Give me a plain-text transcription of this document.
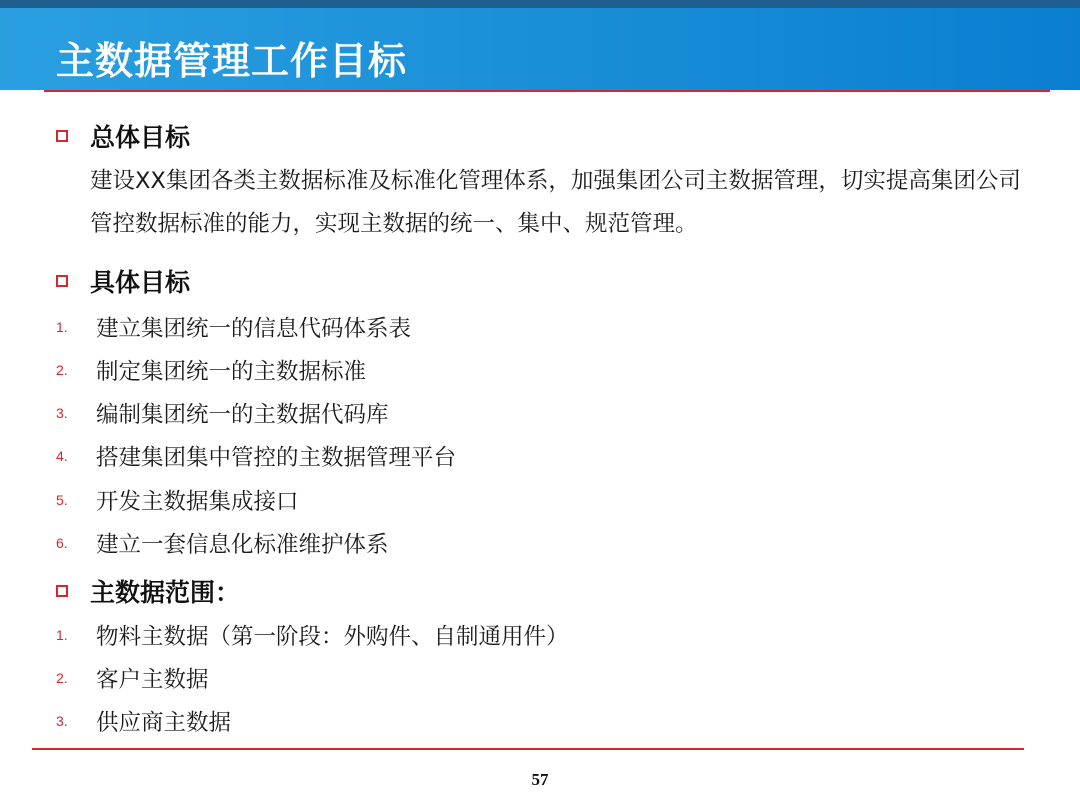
主数据管理工作目标
总体目标
建设XX集团各类主数据标准及标准化管理体系，加强集团公司主数据管理，切实提高集团公司管控数据标准的能力，实现主数据的统一、集中、规范管理。
具体目标
1. 建立集团统一的信息代码体系表
2. 制定集团统一的主数据标准
3. 编制集团统一的主数据代码库
4. 搭建集团集中管控的主数据管理平台
5. 开发主数据集成接口
6. 建立一套信息化标准维护体系
主数据范围：
1. 物料主数据（第一阶段：外购件、自制通用件）
2. 客户主数据
3. 供应商主数据
57
